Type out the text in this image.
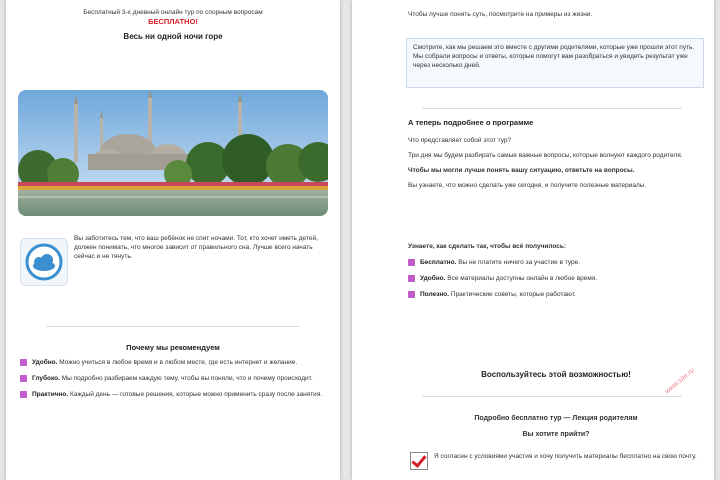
Бесплатный 3-х дневный онлайн тур по спорным вопросам
БЕСПЛАТНО!
Весь ни одной ночи горе
Вы заботитесь тем, что ваш ребёнок не спит ночами. Тот, кто хочет иметь детей, должен понимать, что многое зависит от правильного сна. Лучше всего начать сейчас и не тянуть.
Почему мы рекомендуем
Удобно. Можно учиться в любое время и в любом месте, где есть интернет и желание.
Глубоко. Мы подробно разбираем каждую тему, чтобы вы поняли, что и почему происходит.
Практично. Каждый день — готовые решения, которые можно применить сразу после занятия.
Чтобы лучше понять суть, посмотрите на примеры из жизни.
Смотрите, как мы решаем это вместе с другими родителями, которые уже прошли этот путь. Мы собрали вопросы и ответы, которые помогут вам разобраться и увидеть результат уже через несколько дней.
А теперь подробнее о программе
Что представляет собой этот тур?
Три дня мы будем разбирать самые важные вопросы, которые волнуют каждого родителя.
Чтобы мы могли лучше понять вашу ситуацию, ответьте на вопросы.
Вы узнаете, что можно сделать уже сегодня, и получите полезные материалы.
Узнаете, как сделать так, чтобы всё получилось:
Бесплатно. Вы не платите ничего за участие в туре.
Удобно. Все материалы доступны онлайн в любое время.
Полезно. Практические советы, которые работают.
Воспользуйтесь этой возможностью!
Подробно бесплатно тур — Лекция родителям
Вы хотите прийти?
Я согласен с условиями участия и хочу получить материалы бесплатно на свою почту.
www.site.ru
